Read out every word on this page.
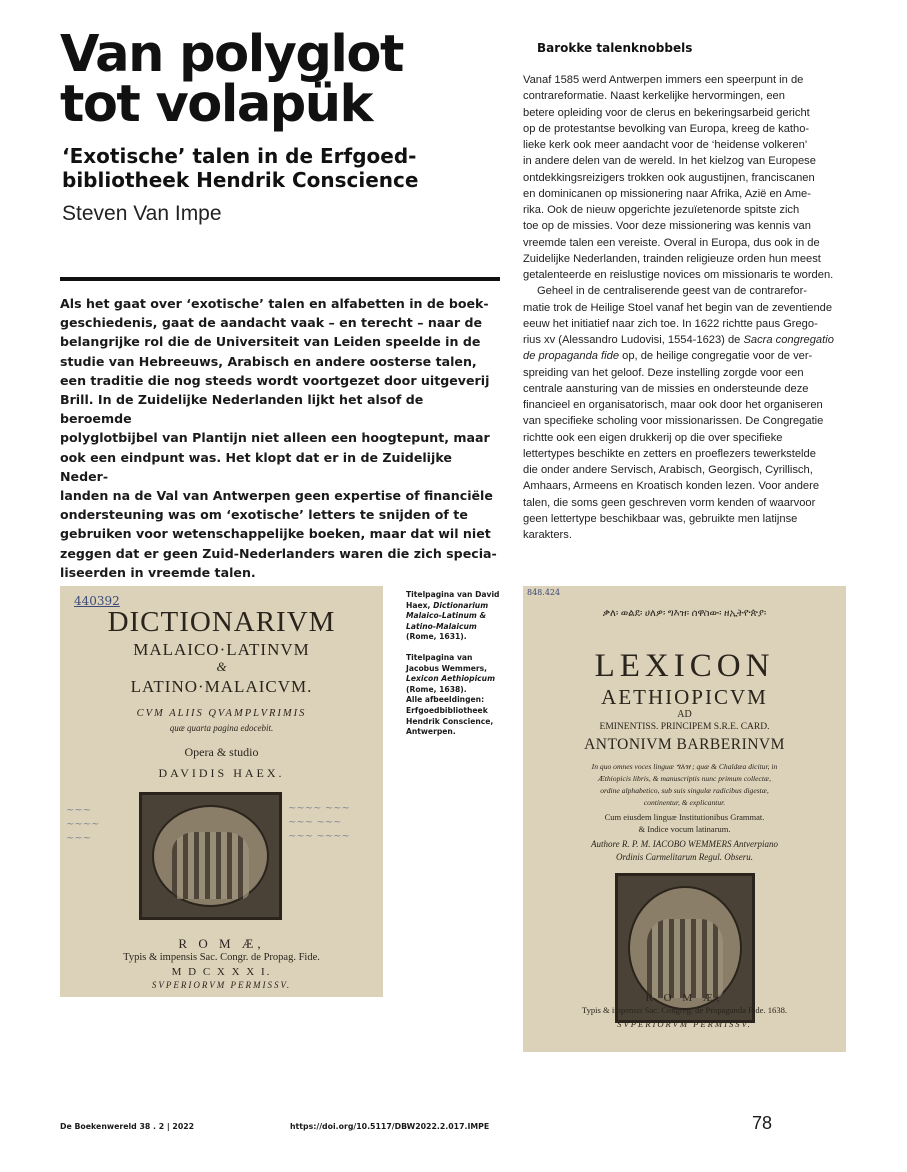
Van polyglot
tot volapük
‘Exotische’ talen in de Erfgoed-
bibliotheek Hendrik Conscience
Steven Van Impe
Als het gaat over ‘exotische’ talen en alfabetten in de boek-
geschiedenis, gaat de aandacht vaak – en terecht – naar de
belangrijke rol die de Universiteit van Leiden speelde in de
studie van Hebreeuws, Arabisch en andere oosterse talen,
een traditie die nog steeds wordt voortgezet door uitgeverij
Brill. In de Zuidelijke Nederlanden lijkt het alsof de beroemde
polyglotbijbel van Plantijn niet alleen een hoogtepunt, maar
ook een eindpunt was. Het klopt dat er in de Zuidelijke Neder-
landen na de Val van Antwerpen geen expertise of financiële
ondersteuning was om ‘exotische’ letters te snijden of te
gebruiken voor wetenschappelijke boeken, maar dat wil niet
zeggen dat er geen Zuid-Nederlanders waren die zich specia-
liseerden in vreemde talen.
Barokke talenknobbels
Vanaf 1585 werd Antwerpen immers een speerpunt in de
contrareformatie. Naast kerkelijke hervormingen, een
betere opleiding voor de clerus en bekeringsarbeid gericht
op de protestantse bevolking van Europa, kreeg de katho-
lieke kerk ook meer aandacht voor de ‘heidense volkeren’
in andere delen van de wereld. In het kielzog van Europese
ontdekkingsreizigers trokken ook augustijnen, franciscanen
en dominicanen op missionering naar Afrika, Azië en Ame-
rika. Ook de nieuw opgerichte jezuïetenorde spitste zich
toe op de missies. Voor deze missionering was kennis van
vreemde talen een vereiste. Overal in Europa, dus ook in de
Zuidelijke Nederlanden, trainden religieuze orden hun meest
getalenteerde en reislustige novices om missionaris te worden.
Geheel in de centraliserende geest van de contrarefor-
matie trok de Heilige Stoel vanaf het begin van de zeventiende
eeuw het initiatief naar zich toe. In 1622 richtte paus Grego-
rius xv (Alessandro Ludovisi, 1554-1623) de Sacra congregatio
de propaganda fide op, de heilige congregatie voor de ver-
spreiding van het geloof. Deze instelling zorgde voor een
centrale aansturing van de missies en ondersteunde deze
financieel en organisatorisch, maar ook door het organiseren
van specifieke scholing voor missionarissen. De Congregatie
richtte ook een eigen drukkerij op die over specifieke
lettertypes beschikte en zetters en proeflezers tewerkstelde
die onder andere Servisch, Arabisch, Georgisch, Cyrillisch,
Amhaars, Armeens en Kroatisch konden lezen. Voor andere
talen, die soms geen geschreven vorm kenden of waarvoor
geen lettertype beschikbaar was, gebruikte men latijnse
karakters.
440392
DICTIONARIVM
MALAICO·LATINVM
&
LATINO·MALAICVM.
CVM ALIIS QVAMPLVRIMIS
quæ quarta pagina edocebit.
Opera & studio
DAVIDIS HAEX.
~~~
~~~~
~~~
~~~~ ~~~
~~~ ~~~
~~~ ~~~~
R O M Æ,
Typis & impensis Sac. Congr. de Propag. Fide.
M D C X X X I.
SVPERIORVM PERMISSV.

Titelpagina van David Haex, Dictionarium Malaico-Latinum & Latino-Malaicum (Rome, 1631).

Titelpagina van Jacobus Wemmers, Lexicon Aethiopicum (Rome, 1638).
Alle afbeeldingen: Erfgoedbibliotheek Hendrik Conscience, Antwerpen.

848.424
ቃለ፡ ወልደ፡ ሀለዎ፡ ግእዝ፡ ሰዋስው፡ ዘኢትዮጵያ፡
LEXICON
AETHIOPICVM
AD
EMINENTISS. PRINCIPEM S.R.E. CARD.
ANTONIVM BARBERINVM
In quo omnes voces linguæ ግእዝ ; quæ & Chaldæa dicitur, in
Æthiopicis libris, & manuscriptis nunc primum collectæ,
ordine alphabetico, sub suis singulæ radicibus digestæ,
continentur, & explicantur.
Cum eiusdem linguæ Institutionibus Grammat.
& Indice vocum latinarum.
Authore R. P. M. IACOBO WEMMERS Antverpiano
Ordinis Carmelitarum Regul. Obseru.
R O M Æ,
Typis & impensis Sac. Congreg. de Propaganda Fide. 1638.
SVPERIORVM PERMISSV.
De Boekenwereld 38 . 2 | 2022	https://doi.org/10.5117/DBW2022.2.017.IMPE	78
